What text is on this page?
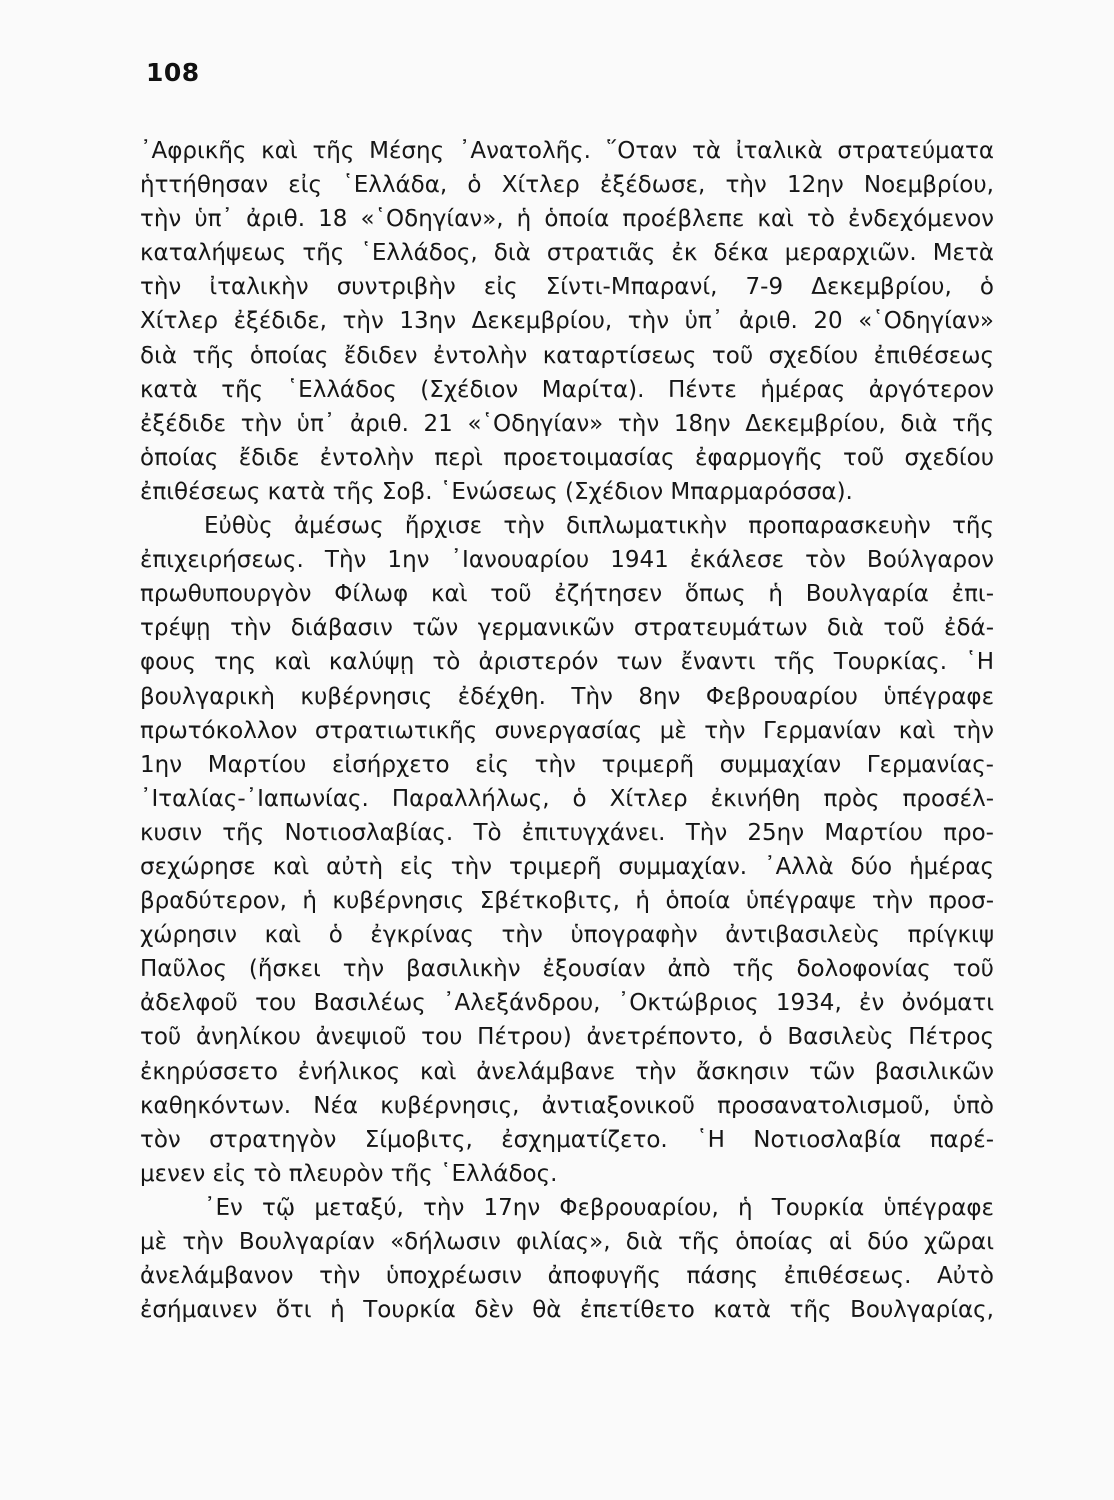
108
᾽Αφρικῆς καὶ τῆς Μέσης ᾽Ανατολῆς. ῞Οταν τὰ ἰταλικὰ στρατεύματα
ἡττήθησαν εἰς ῾Ελλάδα, ὁ Χίτλερ ἐξέδωσε, τὴν 12ην Νοεμβρίου,
τὴν ὑπ᾽ ἀριθ. 18 «῾Οδηγίαν», ἡ ὁποία προέβλεπε καὶ τὸ ἐνδεχόμενον
καταλήψεως τῆς ῾Ελλάδος, διὰ στρατιᾶς ἐκ δέκα μεραρχιῶν. Μετὰ
τὴν ἰταλικὴν συντριβὴν εἰς Σίντι-Μπαρανί, 7-9 Δεκεμβρίου, ὁ
Χίτλερ ἐξέδιδε, τὴν 13ην Δεκεμβρίου, τὴν ὑπ᾽ ἀριθ. 20 «῾Οδηγίαν»
διὰ τῆς ὁποίας ἔδιδεν ἐντολὴν καταρτίσεως τοῦ σχεδίου ἐπιθέσεως
κατὰ τῆς ῾Ελλάδος (Σχέδιον Μαρίτα). Πέντε ἡμέρας ἀργότερον
ἐξέδιδε τὴν ὑπ᾽ ἀριθ. 21 «῾Οδηγίαν» τὴν 18ην Δεκεμβρίου, διὰ τῆς
ὁποίας ἔδιδε ἐντολὴν περὶ προετοιμασίας ἐφαρμογῆς τοῦ σχεδίου
ἐπιθέσεως κατὰ τῆς Σοβ. ῾Ενώσεως (Σχέδιον Μπαρμαρόσσα).
Εὐθὺς ἀμέσως ἤρχισε τὴν διπλωματικὴν προπαρασκευὴν τῆς
ἐπιχειρήσεως. Τὴν 1ην ᾽Ιανουαρίου 1941 ἐκάλεσε τὸν Βούλγαρον
πρωθυπουργὸν Φίλωφ καὶ τοῦ ἐζήτησεν ὅπως ἡ Βουλγαρία ἐπι-
τρέψῃ τὴν διάβασιν τῶν γερμανικῶν στρατευμάτων διὰ τοῦ ἐδά-
φους της καὶ καλύψῃ τὸ ἀριστερόν των ἔναντι τῆς Τουρκίας. ῾Η
βουλγαρικὴ κυβέρνησις ἐδέχθη. Τὴν 8ην Φεβρουαρίου ὑπέγραφε
πρωτόκολλον στρατιωτικῆς συνεργασίας μὲ τὴν Γερμανίαν καὶ τὴν
1ην Μαρτίου εἰσήρχετο εἰς τὴν τριμερῆ συμμαχίαν Γερμανίας-
᾽Ιταλίας-᾽Ιαπωνίας. Παραλλήλως, ὁ Χίτλερ ἐκινήθη πρὸς προσέλ-
κυσιν τῆς Νοτιοσλαβίας. Τὸ ἐπιτυγχάνει. Τὴν 25ην Μαρτίου προ-
σεχώρησε καὶ αὐτὴ εἰς τὴν τριμερῆ συμμαχίαν. ᾽Αλλὰ δύο ἡμέρας
βραδύτερον, ἡ κυβέρνησις Σβέτκοβιτς, ἡ ὁποία ὑπέγραψε τὴν προσ-
χώρησιν καὶ ὁ ἐγκρίνας τὴν ὑπογραφὴν ἀντιβασιλεὺς πρίγκιψ
Παῦλος (ἤσκει τὴν βασιλικὴν ἐξουσίαν ἀπὸ τῆς δολοφονίας τοῦ
ἀδελφοῦ του Βασιλέως ᾽Αλεξάνδρου, ᾽Οκτώβριος 1934, ἐν ὀνόματι
τοῦ ἀνηλίκου ἀνεψιοῦ του Πέτρου) ἀνετρέποντο, ὁ Βασιλεὺς Πέτρος
ἐκηρύσσετο ἐνήλικος καὶ ἀνελάμβανε τὴν ἄσκησιν τῶν βασιλικῶν
καθηκόντων. Νέα κυβέρνησις, ἀντιαξονικοῦ προσανατολισμοῦ, ὑπὸ
τὸν στρατηγὸν Σίμοβιτς, ἐσχηματίζετο. ῾Η Νοτιοσλαβία παρέ-
μενεν εἰς τὸ πλευρὸν τῆς ῾Ελλάδος.
᾽Εν τῷ μεταξύ, τὴν 17ην Φεβρουαρίου, ἡ Τουρκία ὑπέγραφε
μὲ τὴν Βουλγαρίαν «δήλωσιν φιλίας», διὰ τῆς ὁποίας αἱ δύο χῶραι
ἀνελάμβανον τὴν ὑποχρέωσιν ἀποφυγῆς πάσης ἐπιθέσεως. Αὐτὸ
ἐσήμαινεν ὅτι ἡ Τουρκία δὲν θὰ ἐπετίθετο κατὰ τῆς Βουλγαρίας,
